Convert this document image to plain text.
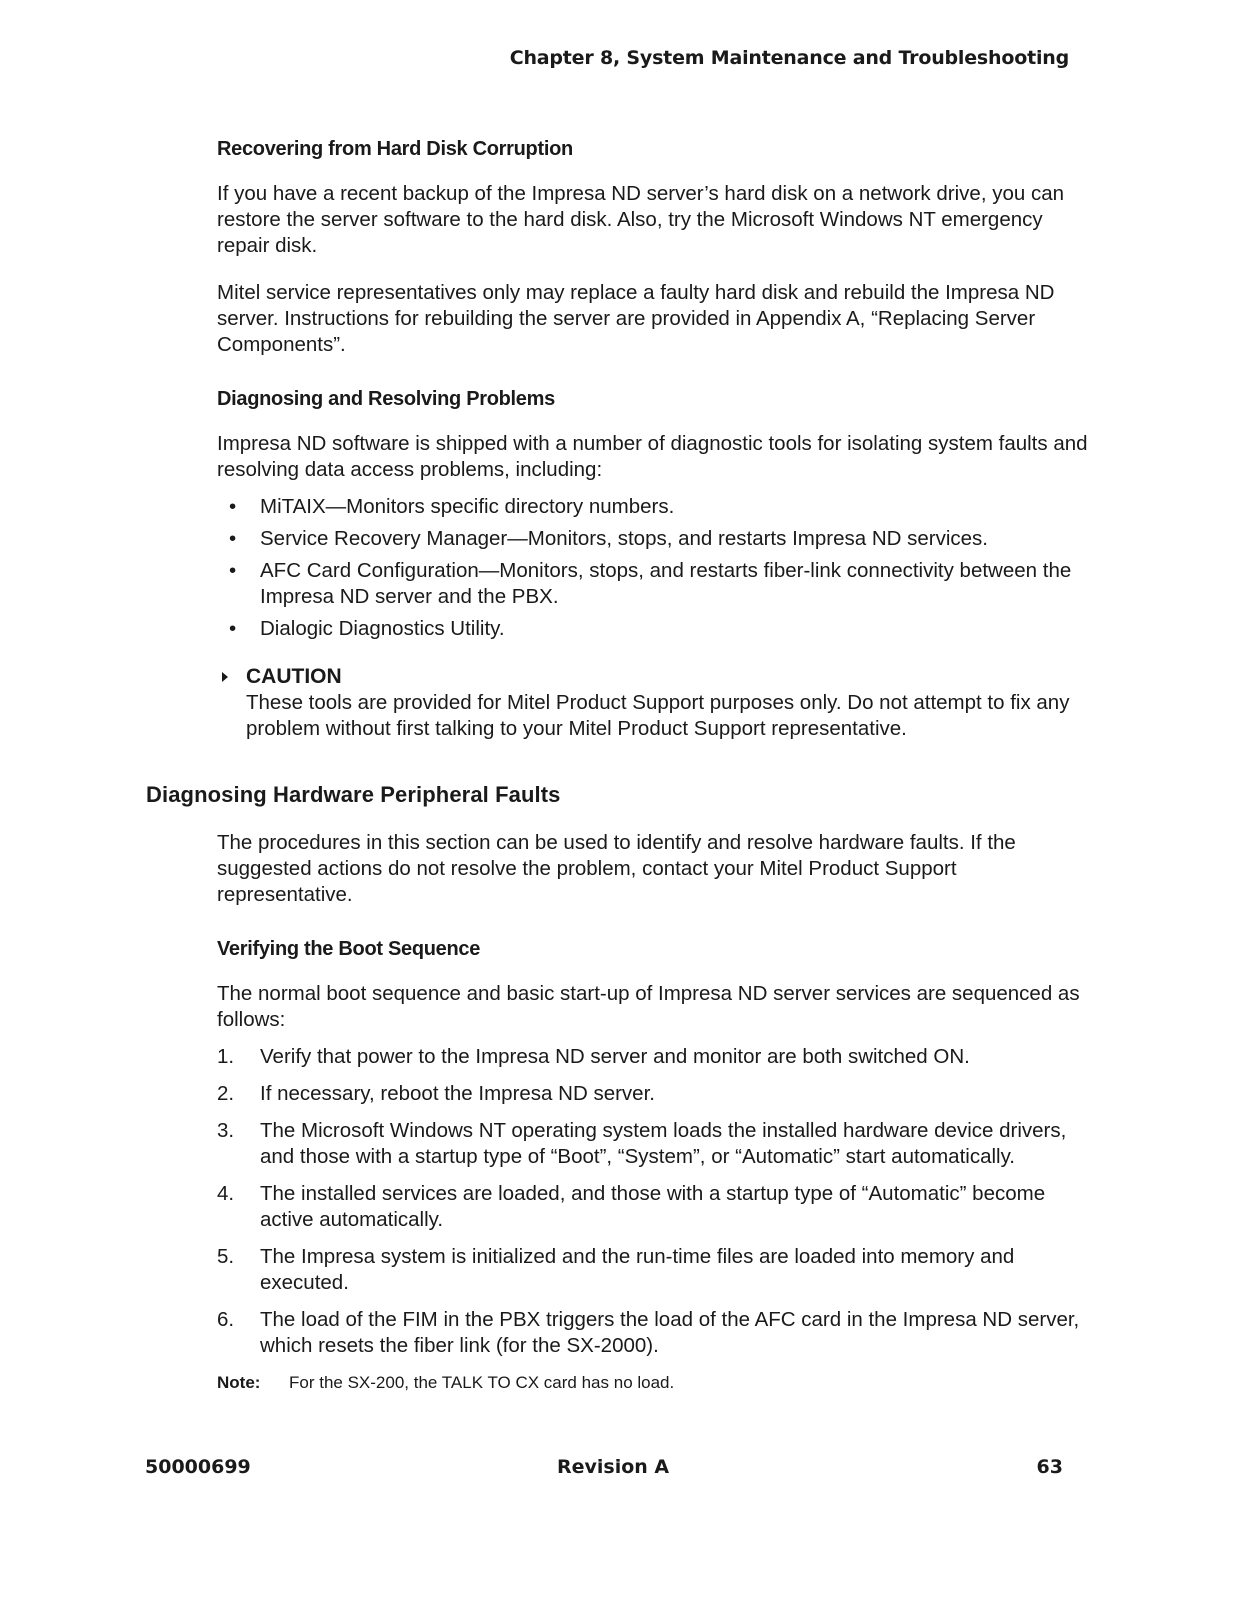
Chapter 8, System Maintenance and Troubleshooting
Recovering from Hard Disk Corruption

If you have a recent backup of the Impresa ND server’s hard disk on a network drive, you can restore the server software to the hard disk. Also, try the Microsoft Windows NT emergency repair disk.

Mitel service representatives only may replace a faulty hard disk and rebuild the Impresa ND server. Instructions for rebuilding the server are provided in Appendix A, “Replacing Server Components”.

Diagnosing and Resolving Problems

Impresa ND software is shipped with a number of diagnostic tools for isolating system faults and resolving data access problems, including:

• MiTAIX—Monitors specific directory numbers.
• Service Recovery Manager—Monitors, stops, and restarts Impresa ND services.
• AFC Card Configuration—Monitors, stops, and restarts fiber-link connectivity between the Impresa ND server and the PBX.
• Dialogic Diagnostics Utility.
CAUTION
These tools are provided for Mitel Product Support purposes only. Do not attempt to fix any problem without first talking to your Mitel Product Support representative.
Diagnosing Hardware Peripheral Faults

The procedures in this section can be used to identify and resolve hardware faults. If the suggested actions do not resolve the problem, contact your Mitel Product Support representative.

Verifying the Boot Sequence

The normal boot sequence and basic start-up of Impresa ND server services are sequenced as follows:

1. Verify that power to the Impresa ND server and monitor are both switched ON.
2. If necessary, reboot the Impresa ND server.
3. The Microsoft Windows NT operating system loads the installed hardware device drivers, and those with a startup type of “Boot”, “System”, or “Automatic” start automatically.
4. The installed services are loaded, and those with a startup type of “Automatic” become active automatically.
5. The Impresa system is initialized and the run-time files are loaded into memory and executed.
6. The load of the FIM in the PBX triggers the load of the AFC card in the Impresa ND server, which resets the fiber link (for the SX-2000).
Note: For the SX-200, the TALK TO CX card has no load.
50000699	Revision A	63
